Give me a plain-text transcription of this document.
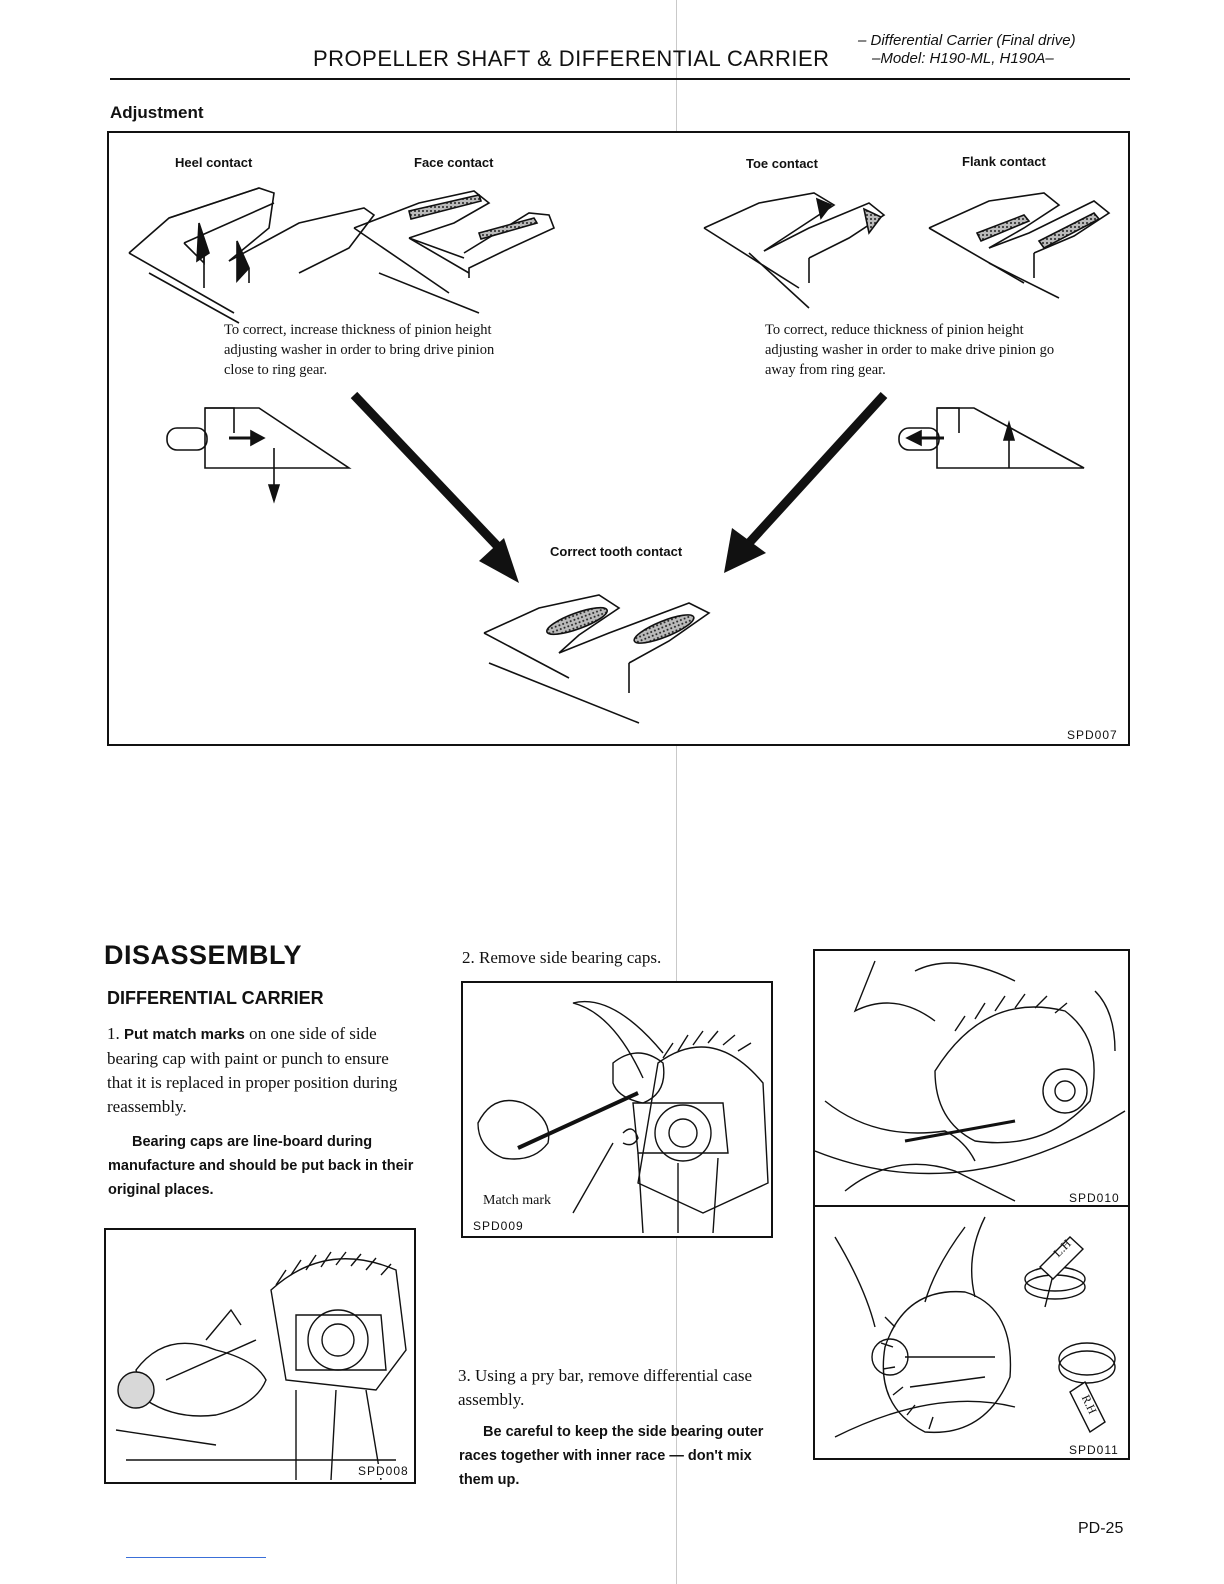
PROPELLER SHAFT & DIFFERENTIAL CARRIER
– Differential Carrier (Final drive)
–Model: H190-ML, H190A–
Adjustment
Heel contact	Face contact	Toe contact	Flank contact
To correct, increase thickness of pinion height adjusting washer in order to bring drive pinion close to ring gear.
To correct, reduce thickness of pinion height adjusting washer in order to make drive pinion go away from ring gear.
Correct tooth contact
SPD007
DISASSEMBLY
DIFFERENTIAL CARRIER
1. Put match marks on one side of side bearing cap with paint or punch to ensure that it is replaced in proper position during reassembly.
Bearing caps are line-board during manufacture and should be put back in their original places.
SPD008
2. Remove side bearing caps.
Match mark
SPD009
3. Using a pry bar, remove differential case assembly.
Be careful to keep the side bearing outer races together with inner race — don't mix them up.
SPD010
L.H
R.H
SPD011
PD-25
